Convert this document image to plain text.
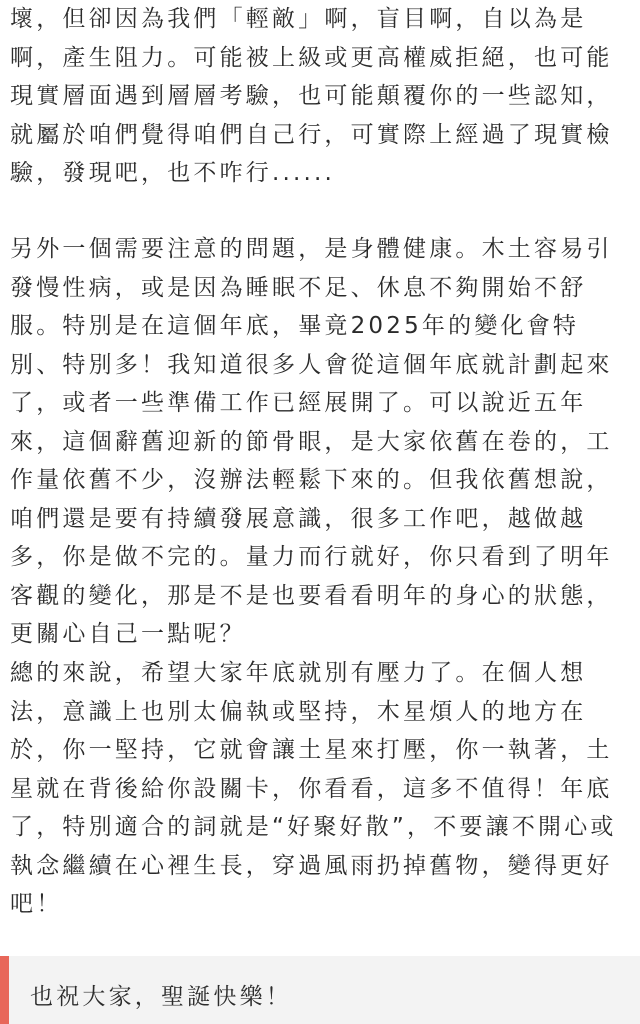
壞，但卻因為我們「輕敵」啊，盲目啊，自以為是啊，產生阻力。可能被上級或更高權威拒絕，也可能現實層面遇到層層考驗，也可能顛覆你的一些認知，就屬於咱們覺得咱們自己行，可實際上經過了現實檢驗，發現吧，也不咋行......

另外一個需要注意的問題，是身體健康。木土容易引發慢性病，或是因為睡眠不足、休息不夠開始不舒服。特別是在這個年底，畢竟2025年的變化會特別、特別多！我知道很多人會從這個年底就計劃起來了，或者一些準備工作已經展開了。可以說近五年來，這個辭舊迎新的節骨眼，是大家依舊在卷的，工作量依舊不少，沒辦法輕鬆下來的。但我依舊想說，咱們還是要有持續發展意識，很多工作吧，越做越多，你是做不完的。量力而行就好，你只看到了明年客觀的變化，那是不是也要看看明年的身心的狀態，更關心自己一點呢？

總的來說，希望大家年底就別有壓力了。在個人想法，意識上也別太偏執或堅持，木星煩人的地方在於，你一堅持，它就會讓土星來打壓，你一執著，土星就在背後給你設關卡，你看看，這多不值得！年底了，特別適合的詞就是“好聚好散”，不要讓不開心或執念繼續在心裡生長，穿過風雨扔掉舊物，變得更好吧！

也祝大家，聖誕快樂！
